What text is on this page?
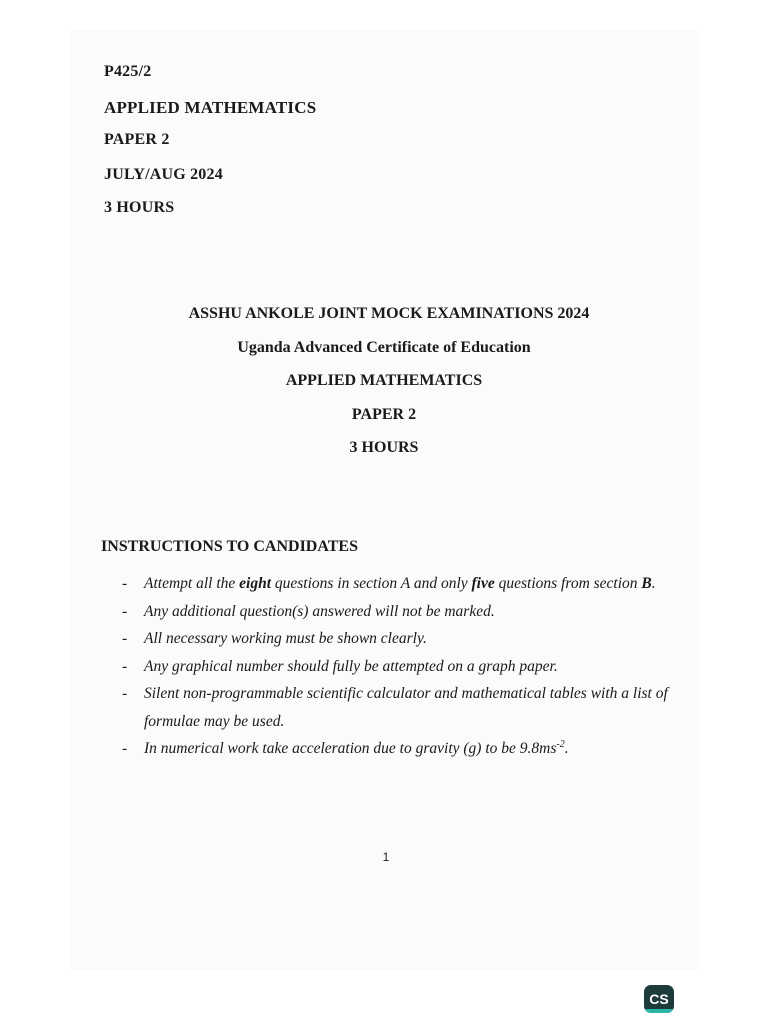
P425/2
APPLIED MATHEMATICS
PAPER 2
JULY/AUG 2024
3 HOURS
ASSHU ANKOLE JOINT MOCK EXAMINATIONS 2024
Uganda Advanced Certificate of Education
APPLIED MATHEMATICS
PAPER 2
3 HOURS
INSTRUCTIONS TO CANDIDATES
- Attempt all the eight questions in section A and only five questions from section B.
- Any additional question(s) answered will not be marked.
- All necessary working must be shown clearly.
- Any graphical number should fully be attempted on a graph paper.
- Silent non-programmable scientific calculator and mathematical tables with a list of formulae may be used.
- In numerical work take acceleration due to gravity (g) to be $9.8ms^{-2}$.
1
CS
